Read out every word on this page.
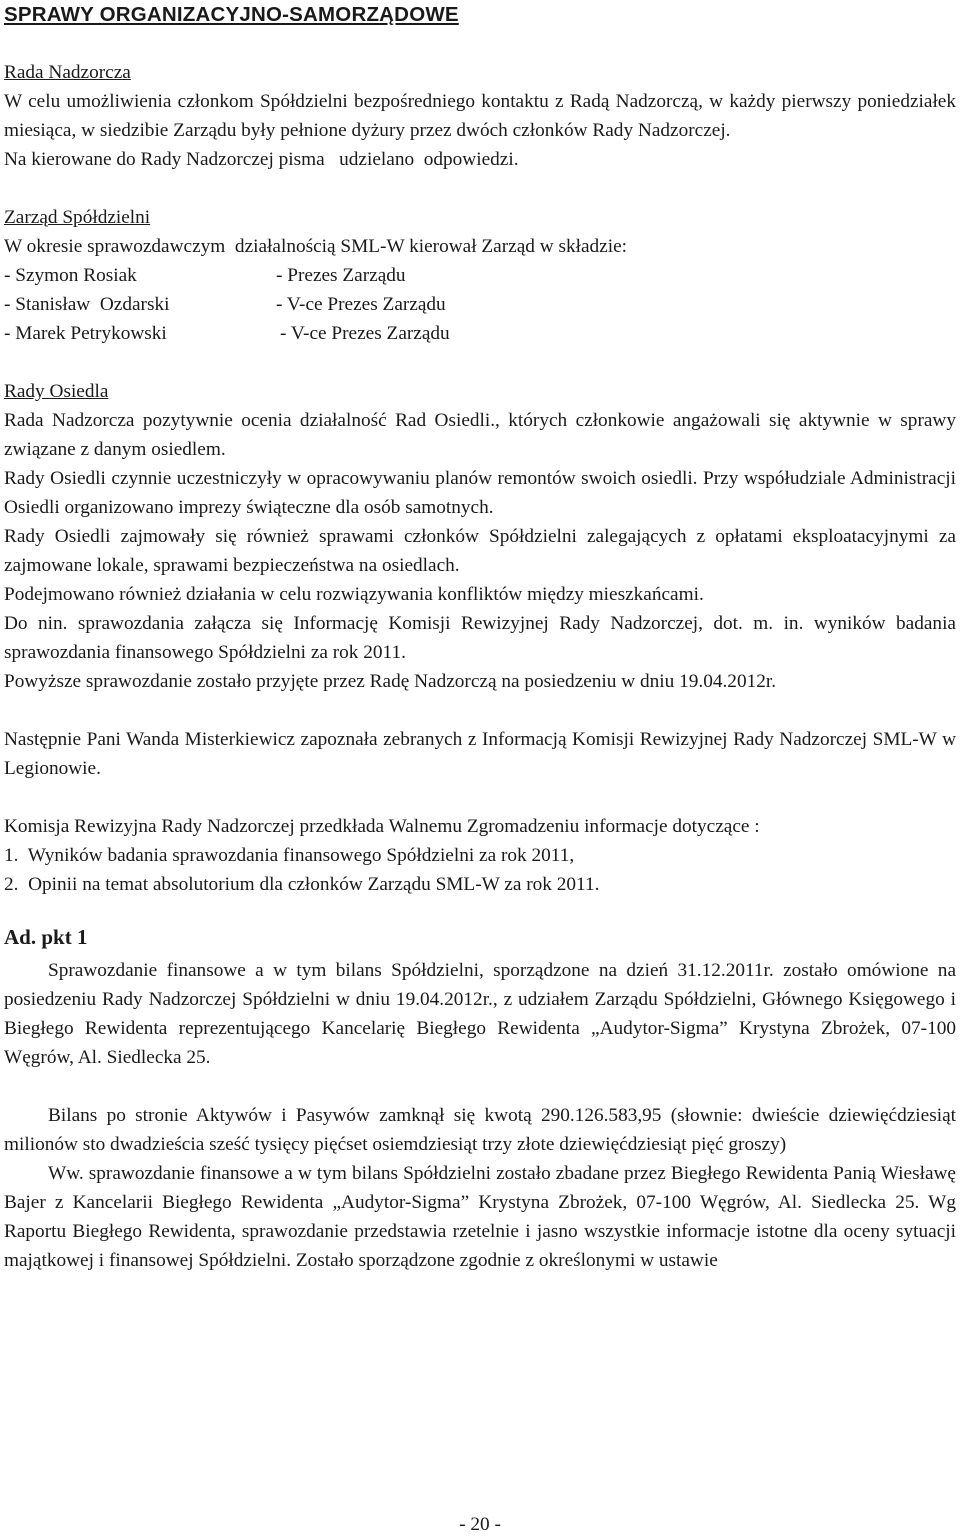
SPRAWY ORGANIZACYJNO-SAMORZĄDOWE

Rada Nadzorcza

W celu umożliwienia członkom Spółdzielni bezpośredniego kontaktu z Radą Nadzorczą, w każdy pierwszy poniedziałek miesiąca, w siedzibie Zarządu były pełnione dyżury przez dwóch członków Rady Nadzorczej.

Na kierowane do Rady Nadzorczej pisma   udzielano  odpowiedzi.

Zarząd Spółdzielni

W okresie sprawozdawczym  działalnością SML-W kierował Zarząd w składzie:

- Szymon Rosiak	- Prezes Zarządu
- Stanisław  Ozdarski	- V-ce Prezes Zarządu
- Marek Petrykowski	- V-ce Prezes Zarządu

Rady Osiedla

Rada Nadzorcza pozytywnie ocenia działalność Rad Osiedli., których członkowie angażowali się aktywnie w sprawy związane z danym osiedlem.

Rady Osiedli czynnie uczestniczyły w opracowywaniu planów remontów swoich osiedli. Przy współudziale Administracji Osiedli organizowano imprezy świąteczne dla osób samotnych.

Rady Osiedli zajmowały się również sprawami członków Spółdzielni zalegających z opłatami eksploatacyjnymi za zajmowane lokale, sprawami bezpieczeństwa na osiedlach.

Podejmowano również działania w celu rozwiązywania konfliktów między mieszkańcami.

Do nin. sprawozdania załącza się Informację Komisji Rewizyjnej Rady Nadzorczej, dot. m. in. wyników badania sprawozdania finansowego Spółdzielni za rok 2011.

Powyższe sprawozdanie zostało przyjęte przez Radę Nadzorczą na posiedzeniu w dniu 19.04.2012r.

Następnie Pani Wanda Misterkiewicz zapoznała zebranych z Informacją Komisji Rewizyjnej Rady Nadzorczej SML-W w Legionowie.

Komisja Rewizyjna Rady Nadzorczej przedkłada Walnemu Zgromadzeniu informacje dotyczące :

1.  Wyników badania sprawozdania finansowego Spółdzielni za rok 2011,

2.  Opinii na temat absolutorium dla członków Zarządu SML-W za rok 2011.

Ad. pkt 1

Sprawozdanie finansowe a w tym bilans Spółdzielni, sporządzone na dzień 31.12.2011r. zostało omówione na posiedzeniu Rady Nadzorczej Spółdzielni w dniu 19.04.2012r., z udziałem Zarządu Spółdzielni, Głównego Księgowego i Biegłego Rewidenta reprezentującego Kancelarię Biegłego Rewidenta „Audytor-Sigma” Krystyna Zbrożek, 07-100 Węgrów, Al. Siedlecka 25.

Bilans po stronie Aktywów i Pasywów zamknął się kwotą 290.126.583,95 (słownie: dwieście dziewięćdziesiąt milionów sto dwadzieścia sześć tysięcy pięćset osiemdziesiąt trzy złote dziewięćdziesiąt pięć groszy)

Ww. sprawozdanie finansowe a w tym bilans Spółdzielni zostało zbadane przez Biegłego Rewidenta Panią Wiesławę Bajer z Kancelarii Biegłego Rewidenta „Audytor-Sigma” Krystyna Zbrożek, 07-100 Węgrów, Al. Siedlecka 25. Wg Raportu Biegłego Rewidenta, sprawozdanie przedstawia rzetelnie i jasno wszystkie informacje istotne dla oceny sytuacji majątkowej i finansowej Spółdzielni. Zostało sporządzone zgodnie z określonymi w ustawie

- 20 -
